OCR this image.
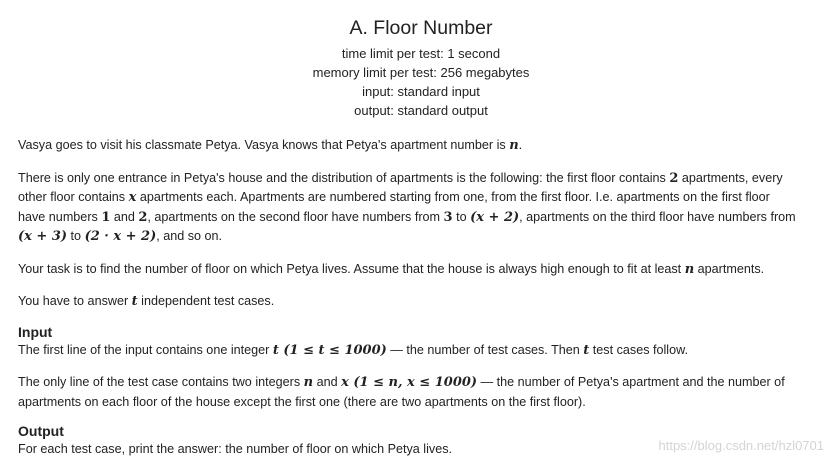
A. Floor Number
time limit per test: 1 second
memory limit per test: 256 megabytes
input: standard input
output: standard output

Vasya goes to visit his classmate Petya. Vasya knows that Petya's apartment number is n.

There is only one entrance in Petya's house and the distribution of apartments is the following: the first floor contains 2 apartments, every

other floor contains x apartments each. Apartments are numbered starting from one, from the first floor. I.e. apartments on the first floor

have numbers 1 and 2, apartments on the second floor have numbers from 3 to (x + 2), apartments on the third floor have numbers from

(x + 3) to (2 · x + 2), and so on.

Your task is to find the number of floor on which Petya lives. Assume that the house is always high enough to fit at least n apartments.

You have to answer t independent test cases.

Input

The first line of the input contains one integer t (1 ≤ t ≤ 1000) — the number of test cases. Then t test cases follow.

The only line of the test case contains two integers n and x (1 ≤ n, x ≤ 1000) — the number of Petya's apartment and the number of

apartments on each floor of the house except the first one (there are two apartments on the first floor).

Output

For each test case, print the answer: the number of floor on which Petya lives.	https://blog.csdn.net/hzl0701
